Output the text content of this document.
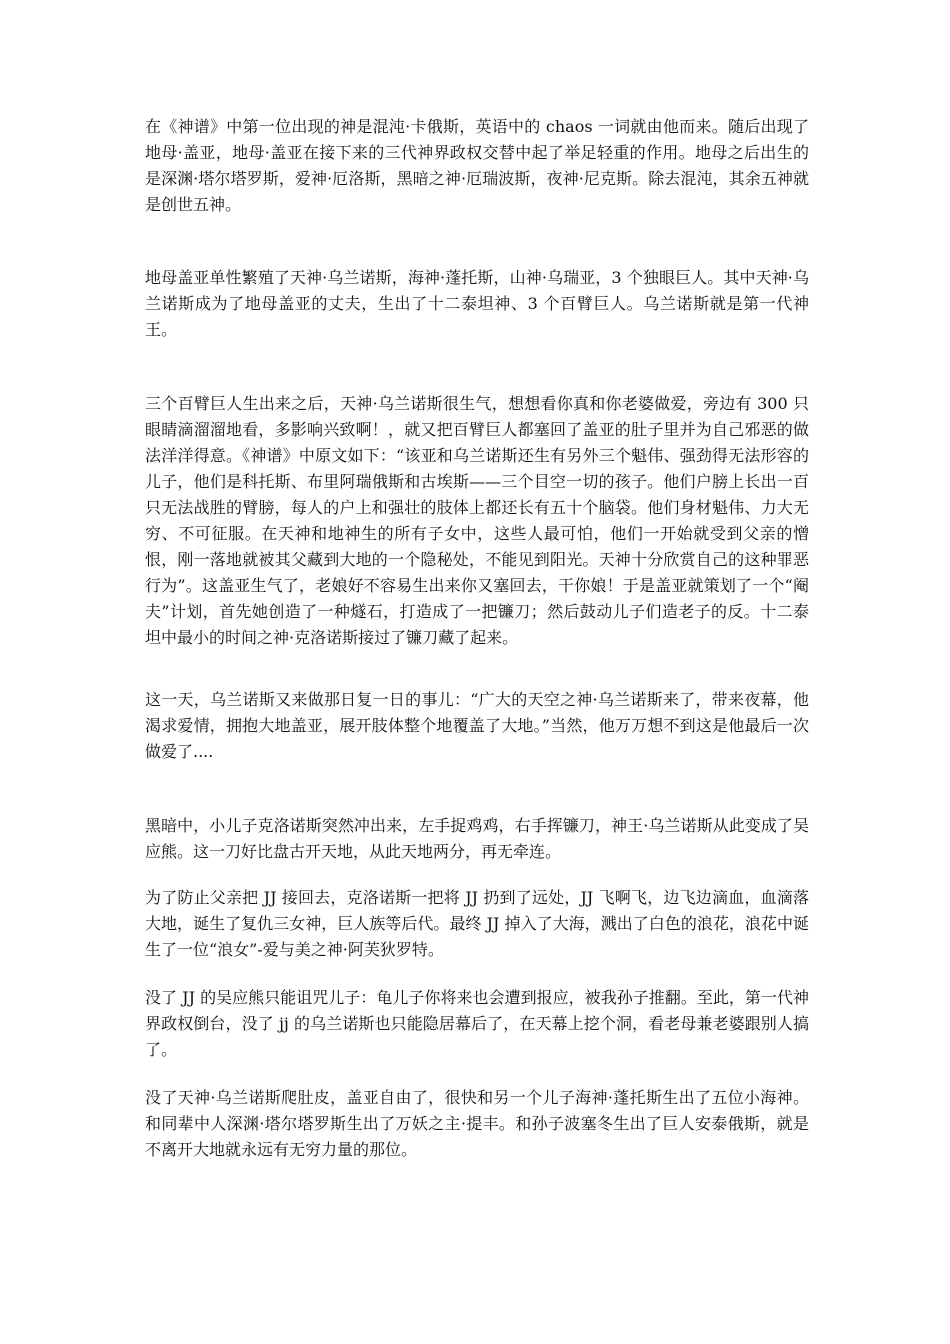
在《神谱》中第一位出现的神是混沌·卡俄斯，英语中的 chaos 一词就由他而来。随后出现了地母·盖亚，地母·盖亚在接下来的三代神界政权交替中起了举足轻重的作用。地母之后出生的是深渊·塔尔塔罗斯，爱神·厄洛斯，黑暗之神·厄瑞波斯，夜神·尼克斯。除去混沌，其余五神就是创世五神。

地母盖亚单性繁殖了天神·乌兰诺斯，海神·蓬托斯，山神·乌瑞亚，3 个独眼巨人。其中天神·乌兰诺斯成为了地母盖亚的丈夫，生出了十二泰坦神、3 个百臂巨人。乌兰诺斯就是第一代神王。

三个百臂巨人生出来之后，天神·乌兰诺斯很生气，想想看你真和你老婆做爱，旁边有 300 只眼睛滴溜溜地看，多影响兴致啊！，就又把百臂巨人都塞回了盖亚的肚子里并为自己邪恶的做法洋洋得意。《神谱》中原文如下：“该亚和乌兰诺斯还生有另外三个魁伟、强劲得无法形容的儿子，他们是科托斯、布里阿瑞俄斯和古埃斯——三个目空一切的孩子。他们户膀上长出一百只无法战胜的臂膀，每人的户上和强壮的肢体上都还长有五十个脑袋。他们身材魁伟、力大无穷、不可征服。在天神和地神生的所有子女中，这些人最可怕，他们一开始就受到父亲的憎恨，刚一落地就被其父藏到大地的一个隐秘处，不能见到阳光。天神十分欣赏自己的这种罪恶行为”。这盖亚生气了，老娘好不容易生出来你又塞回去，干你娘！于是盖亚就策划了一个“阉夫”计划，首先她创造了一种燧石，打造成了一把镰刀；然后鼓动儿子们造老子的反。十二泰坦中最小的时间之神·克洛诺斯接过了镰刀藏了起来。

这一天，乌兰诺斯又来做那日复一日的事儿：“广大的天空之神·乌兰诺斯来了，带来夜幕，他渴求爱情，拥抱大地盖亚，展开肢体整个地覆盖了大地。”当然，他万万想不到这是他最后一次做爱了....

黑暗中，小儿子克洛诺斯突然冲出来，左手捉鸡鸡，右手挥镰刀，神王·乌兰诺斯从此变成了吴应熊。这一刀好比盘古开天地，从此天地两分，再无牵连。

为了防止父亲把 JJ 接回去，克洛诺斯一把将 JJ 扔到了远处，JJ 飞啊飞，边飞边滴血，血滴落大地，诞生了复仇三女神，巨人族等后代。最终 JJ 掉入了大海，溅出了白色的浪花，浪花中诞生了一位“浪女”-爱与美之神·阿芙狄罗特。

没了 JJ 的吴应熊只能诅咒儿子：龟儿子你将来也会遭到报应，被我孙子推翻。至此，第一代神界政权倒台，没了 jj 的乌兰诺斯也只能隐居幕后了，在天幕上挖个洞，看老母兼老婆跟别人搞了。

没了天神·乌兰诺斯爬肚皮，盖亚自由了，很快和另一个儿子海神·蓬托斯生出了五位小海神。和同辈中人深渊·塔尔塔罗斯生出了万妖之主·提丰。和孙子波塞冬生出了巨人安泰俄斯，就是不离开大地就永远有无穷力量的那位。
